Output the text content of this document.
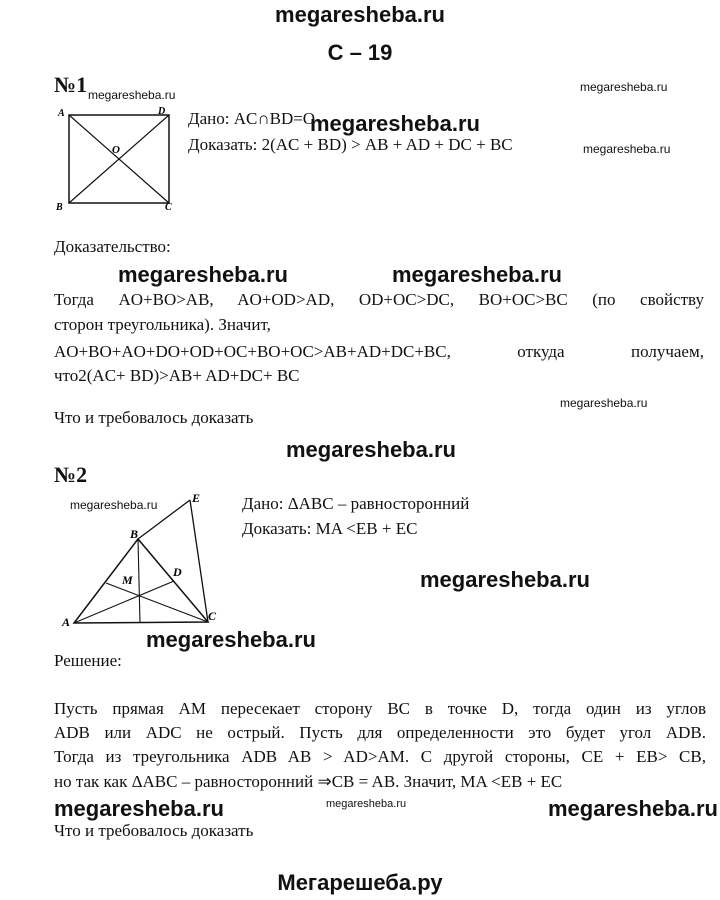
megaresheba.ru
С – 19
№1 megaresheba.ru
megaresheba.ru
A	D
O
B	C
Дано: AC∩BD=O
megaresheba.ru
Доказать: 2(AC + BD) > AB + AD + DC + BC	megaresheba.ru
Доказательство:
megaresheba.ru	megaresheba.ru
Тогда AO+BO>AB, AO+OD>AD, OD+OC>DC, BO+OC>BC (по свойству
сторон треугольника). Значит,
AO+BO+AO+DO+OD+OC+BO+OC>AB+AD+DC+BC,	откуда	получаем,
что2(AC+ BD)>AB+ AD+DC+ BC
Что и требовалось доказать
megaresheba.ru
megaresheba.ru
№2
megaresheba.ru	E
B
M
D
A	C
Дано: ΔABC – равносторонний
Доказать: MA <EB + EC
megaresheba.ru
megaresheba.ru
Решение:
Пусть прямая AM пересекает сторону BC в точке D, тогда один из углов
ADB или ADC не острый. Пусть для определенности это будет угол ADB.
Тогда из треугольника ADB AB > AD>AM. С другой стороны, CE + EB> CB,
но так как ΔABC – равносторонний ⇒CB = AB. Значит, MA <EB + EC
megaresheba.ru	megaresheba.ru	megaresheba.ru
Что и требовалось доказать
Мегарешеба.ру
